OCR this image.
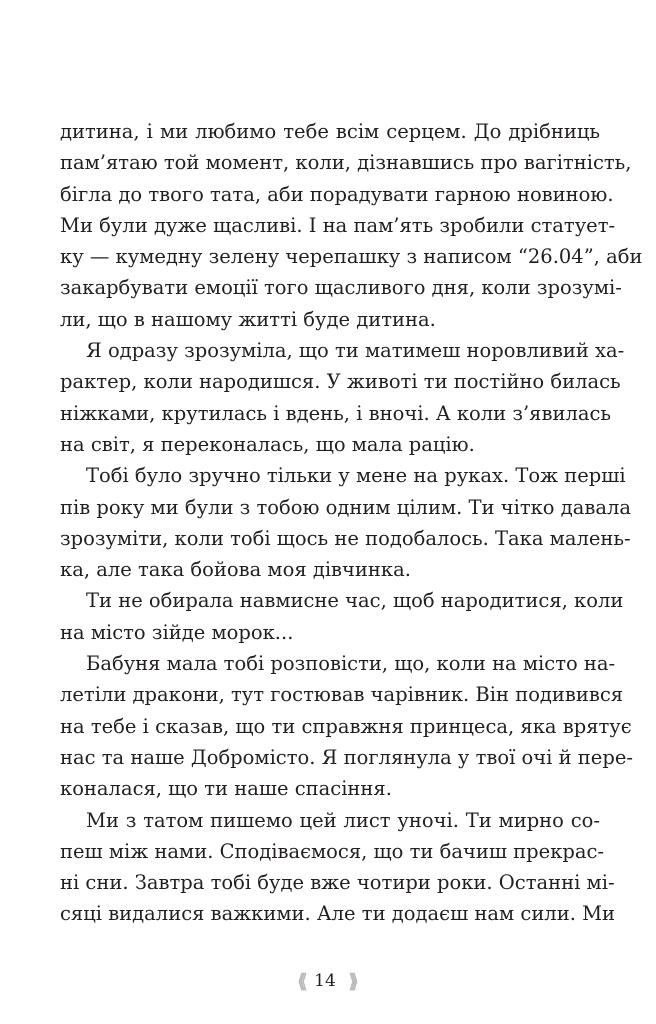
дитина, і ми любимо тебе всім серцем. До дрібниць
пам’ятаю той момент, коли, дізнавшись про вагітність,
бігла до твого тата, аби порадувати гарною новиною.
Ми були дуже щасливі. І на пам’ять зробили статует-
ку — кумедну зелену черепашку з написом “26.04”, аби
закарбувати емоції того щасливого дня, коли зрозумі-
ли, що в нашому житті буде дитина.
Я одразу зрозуміла, що ти матимеш норовливий ха-
рактер, коли народишся. У животі ти постійно билась
ніжками, крутилась і вдень, і вночі. А коли з’явилась
на світ, я переконалась, що мала рацію.
Тобі було зручно тільки у мене на руках. Тож перші
пів року ми були з тобою одним цілим. Ти чітко давала
зрозуміти, коли тобі щось не подобалось. Така малень-
ка, але така бойова моя дівчинка.
Ти не обирала навмисне час, щоб народитися, коли
на місто зійде морок...
Бабуня мала тобі розповісти, що, коли на місто на-
летіли дракони, тут гостював чарівник. Він подивився
на тебе і сказав, що ти справжня принцеса, яка врятує
нас та наше Добромісто. Я поглянула у твої очі й пере-
коналася, що ти наше спасіння.
Ми з татом пишемо цей лист уночі. Ти мирно со-
пеш між нами. Сподіваємося, що ти бачиш прекрас-
ні сни. Завтра тобі буде вже чотири роки. Останні мі-
сяці видалися важкими. Але ти додаєш нам сили. Ми
⟨⟨⟨ 14 ⟩⟩⟩
